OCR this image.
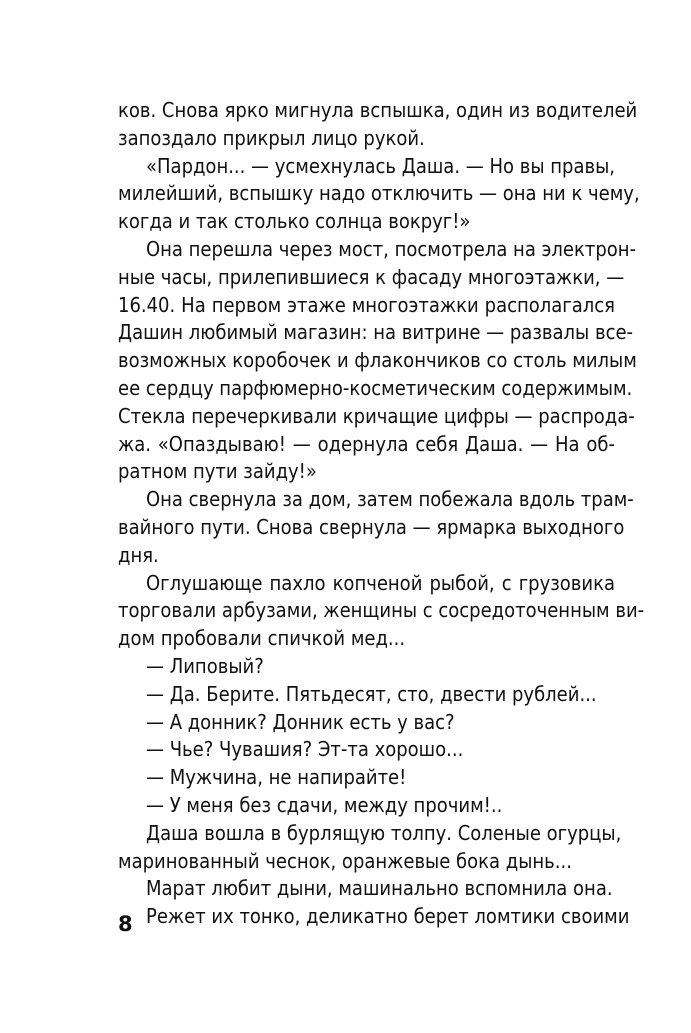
ков. Снова ярко мигнула вспышка, один из водителей
запоздало прикрыл лицо рукой.
«Пардон... — усмехнулась Даша. — Но вы правы,
милейший, вспышку надо отключить — она ни к чему,
когда и так столько солнца вокруг!»
Она перешла через мост, посмотрела на электрон-
ные часы, прилепившиеся к фасаду многоэтажки, —
16.40. На первом этаже многоэтажки располагался
Дашин любимый магазин: на витрине — развалы все-
возможных коробочек и флакончиков со столь милым
ее сердцу парфюмерно-косметическим содержимым.
Стекла перечеркивали кричащие цифры — распрода-
жа. «Опаздываю! — одернула себя Даша. — На об-
ратном пути зайду!»
Она свернула за дом, затем побежала вдоль трам-
вайного пути. Снова свернула — ярмарка выходного
дня.
Оглушающе пахло копченой рыбой, с грузовика
торговали арбузами, женщины с сосредоточенным ви-
дом пробовали спичкой мед...
— Липовый?
— Да. Берите. Пятьдесят, сто, двести рублей...
— А донник? Донник есть у вас?
— Чье? Чувашия? Эт-та хорошо...
— Мужчина, не напирайте!
— У меня без сдачи, между прочим!..
Даша вошла в бурлящую толпу. Соленые огурцы,
маринованный чеснок, оранжевые бока дынь...
Марат любит дыни, машинально вспомнила она.
Режет их тонко, деликатно берет ломтики своими
8
